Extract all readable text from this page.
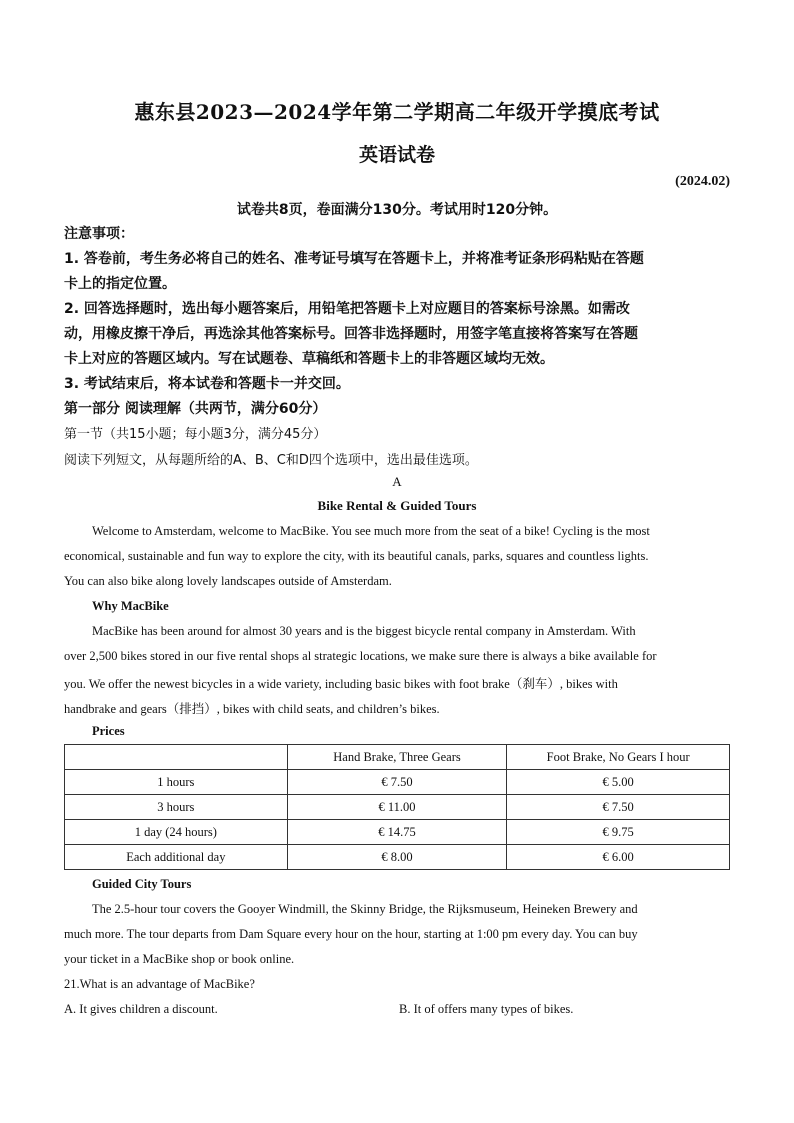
惠东县2023—2024学年第二学期高二年级开学摸底考试
英语试卷
(2024.02)
试卷共8页，卷面满分130分。考试用时120分钟。
注意事项：
1. 答卷前，考生务必将自己的姓名、准考证号填写在答题卡上，并将准考证条形码粘贴在答题
卡上的指定位置。
2. 回答选择题时，选出每小题答案后，用铅笔把答题卡上对应题目的答案标号涂黑。如需改
动，用橡皮擦干净后，再选涂其他答案标号。回答非选择题时，用签字笔直接将答案写在答题
卡上对应的答题区域内。写在试题卷、草稿纸和答题卡上的非答题区域均无效。
3. 考试结束后，将本试卷和答题卡一并交回。
第一部分 阅读理解（共两节，满分60分）
第一节（共15小题；每小题3分，满分45分）
阅读下列短文，从每题所给的A、B、C和D四个选项中，选出最佳选项。
A
Bike Rental & Guided Tours
Welcome to Amsterdam, welcome to MacBike. You see much more from the seat of a bike! Cycling is the most
economical, sustainable and fun way to explore the city, with its beautiful canals, parks, squares and countless lights.
You can also bike along lovely landscapes outside of Amsterdam.
Why MacBike
MacBike has been around for almost 30 years and is the biggest bicycle rental company in Amsterdam. With
over 2,500 bikes stored in our five rental shops al strategic locations, we make sure there is always a bike available for
you. We offer the newest bicycles in a wide variety, including basic bikes with foot brake（刹车）, bikes with
handbrake and gears（排挡）, bikes with child seats, and children’s bikes.
Prices
	Hand Brake, Three Gears	Foot Brake, No Gears I hour
1 hours	€ 7.50	€ 5.00
3 hours	€ 11.00	€ 7.50
1 day (24 hours)	€ 14.75	€ 9.75
Each additional day	€ 8.00	€ 6.00
Guided City Tours
The 2.5-hour tour covers the Gooyer Windmill, the Skinny Bridge, the Rijksmuseum, Heineken Brewery and
much more. The tour departs from Dam Square every hour on the hour, starting at 1:00 pm every day. You can buy
your ticket in a MacBike shop or book online.
21.What is an advantage of MacBike?
A. It gives children a discount.	B. It of offers many types of bikes.
